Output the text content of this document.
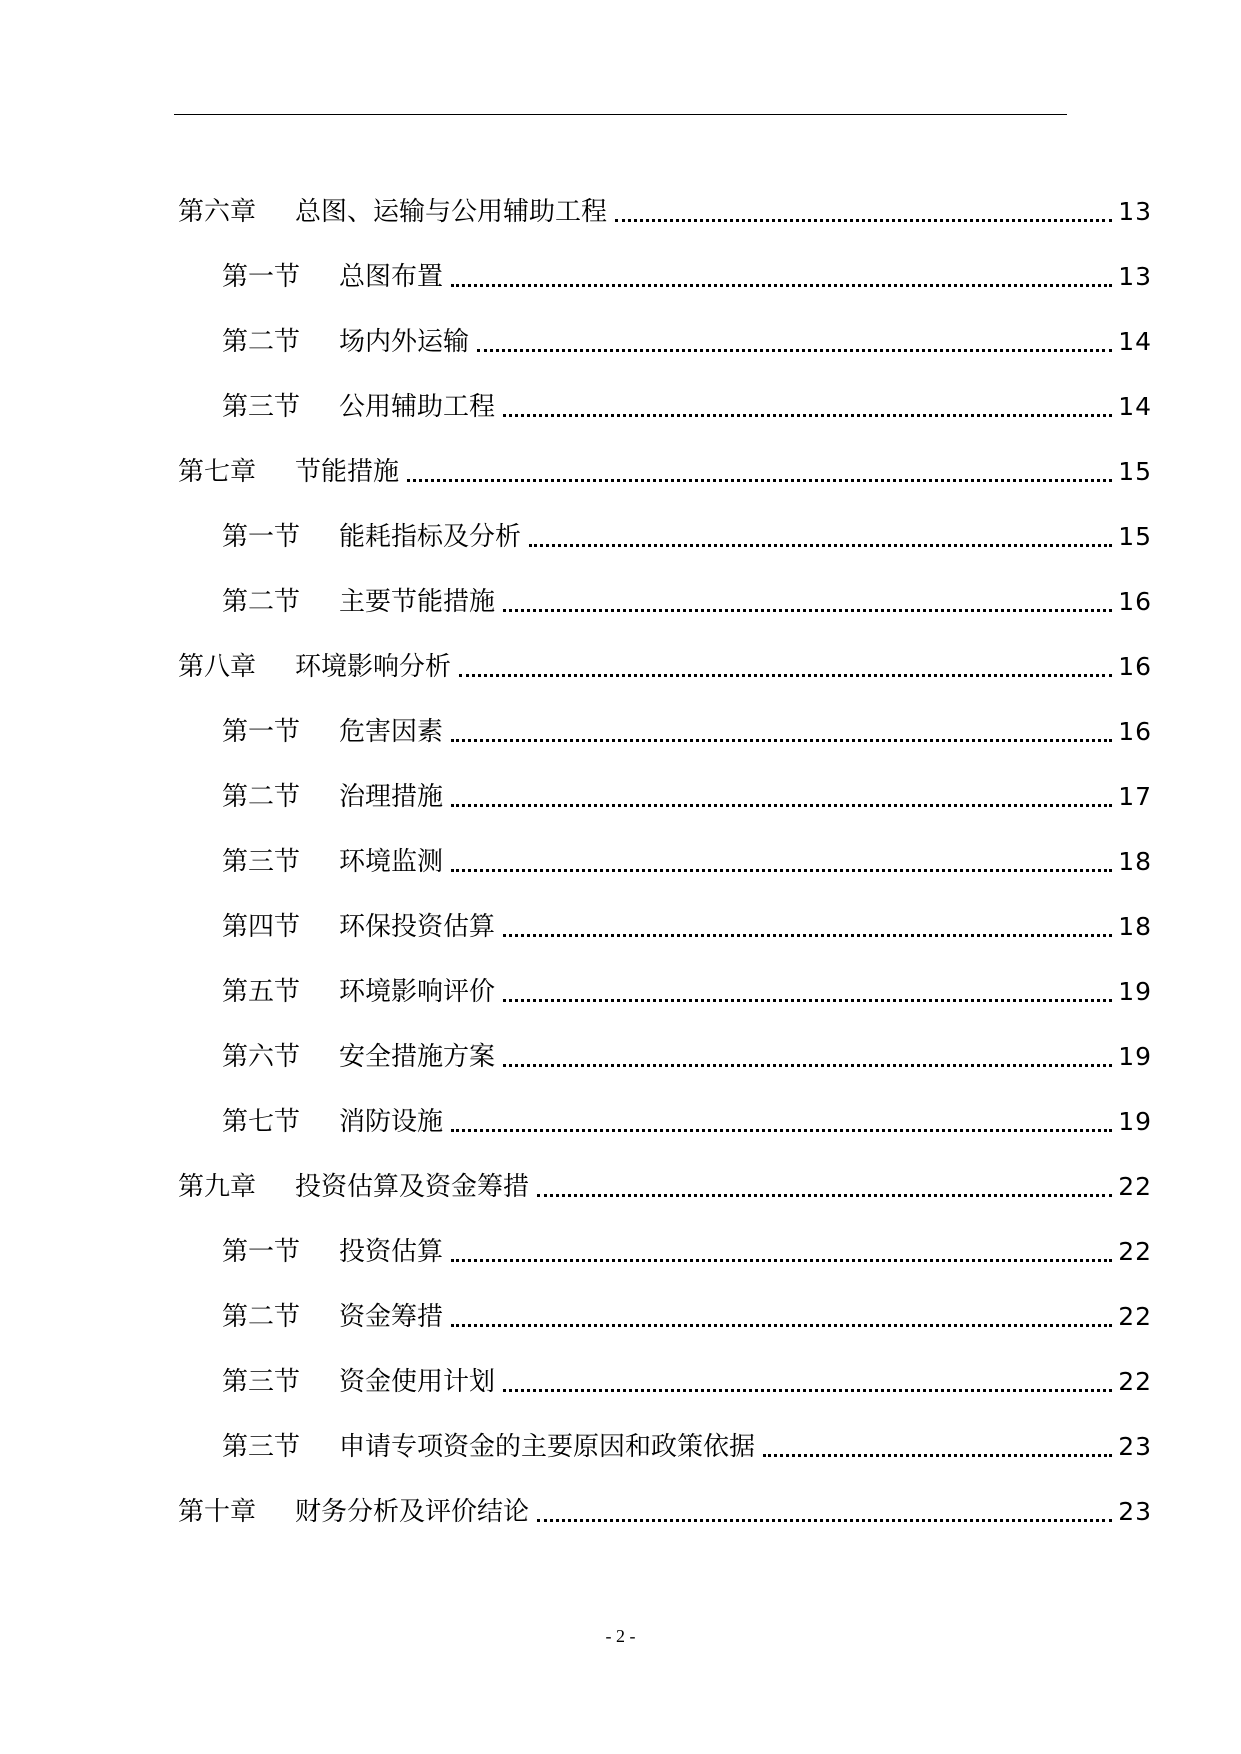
第六章	总图、运输与公用辅助工程	13
第一节	总图布置	13
第二节	场内外运输	14
第三节	公用辅助工程	14
第七章	节能措施	15
第一节	能耗指标及分析	15
第二节	主要节能措施	16
第八章	环境影响分析	16
第一节	危害因素	16
第二节	治理措施	17
第三节	环境监测	18
第四节	环保投资估算	18
第五节	环境影响评价	19
第六节	安全措施方案	19
第七节	消防设施	19
第九章	投资估算及资金筹措	22
第一节	投资估算	22
第二节	资金筹措	22
第三节	资金使用计划	22
第三节	申请专项资金的主要原因和政策依据	23
第十章	财务分析及评价结论	23
- 2 -
